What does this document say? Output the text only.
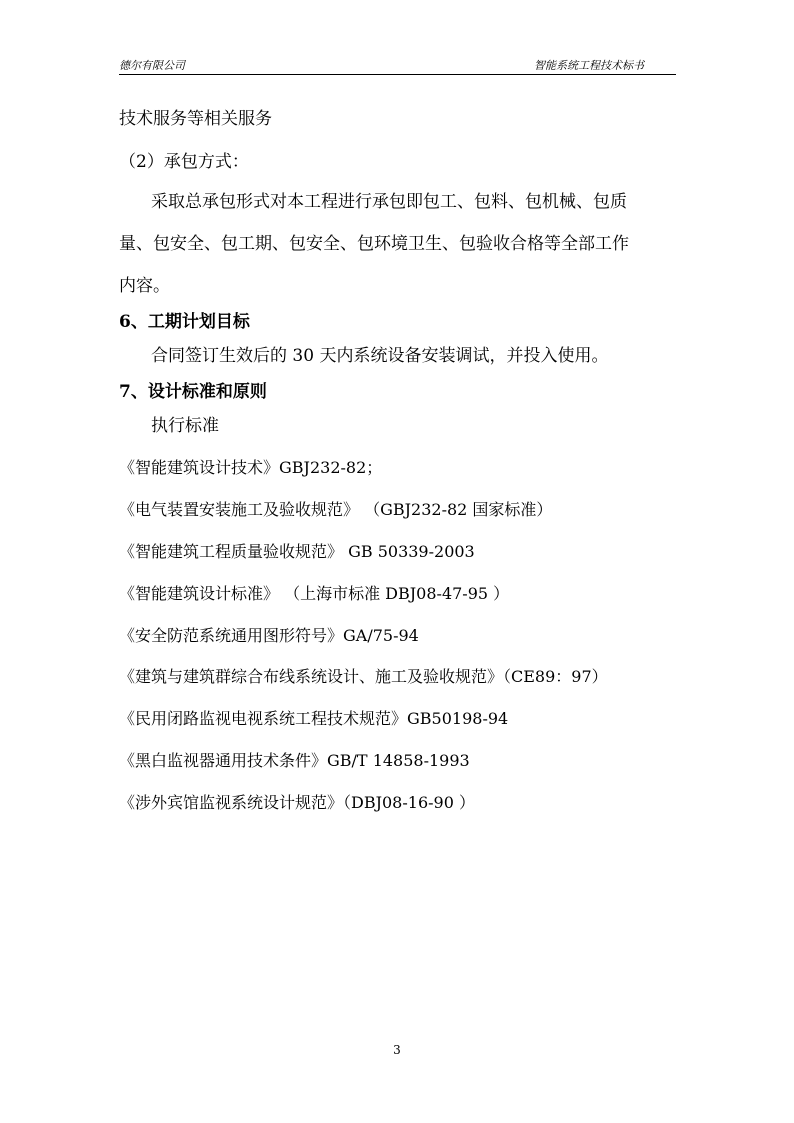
德尔有限公司	智能系统工程技术标书
技术服务等相关服务
（2）承包方式：
采取总承包形式对本工程进行承包即包工、包料、包机械、包质
量、包安全、包工期、包安全、包环境卫生、包验收合格等全部工作
内容。
6、工期计划目标
合同签订生效后的 30 天内系统设备安装调试，并投入使用。
7、设计标准和原则
执行标准
《智能建筑设计技术》GBJ232-82；
《电气装置安装施工及验收规范》 （GBJ232-82 国家标准）
《智能建筑工程质量验收规范》 GB 50339-2003
《智能建筑设计标准》 （上海市标准 DBJ08-47-95 ）
《安全防范系统通用图形符号》GA/75-94
《建筑与建筑群综合布线系统设计、施工及验收规范》（CE89：97）
《民用闭路监视电视系统工程技术规范》GB50198-94
《黑白监视器通用技术条件》GB/T 14858-1993
《涉外宾馆监视系统设计规范》（DBJ08-16-90 ）
3
